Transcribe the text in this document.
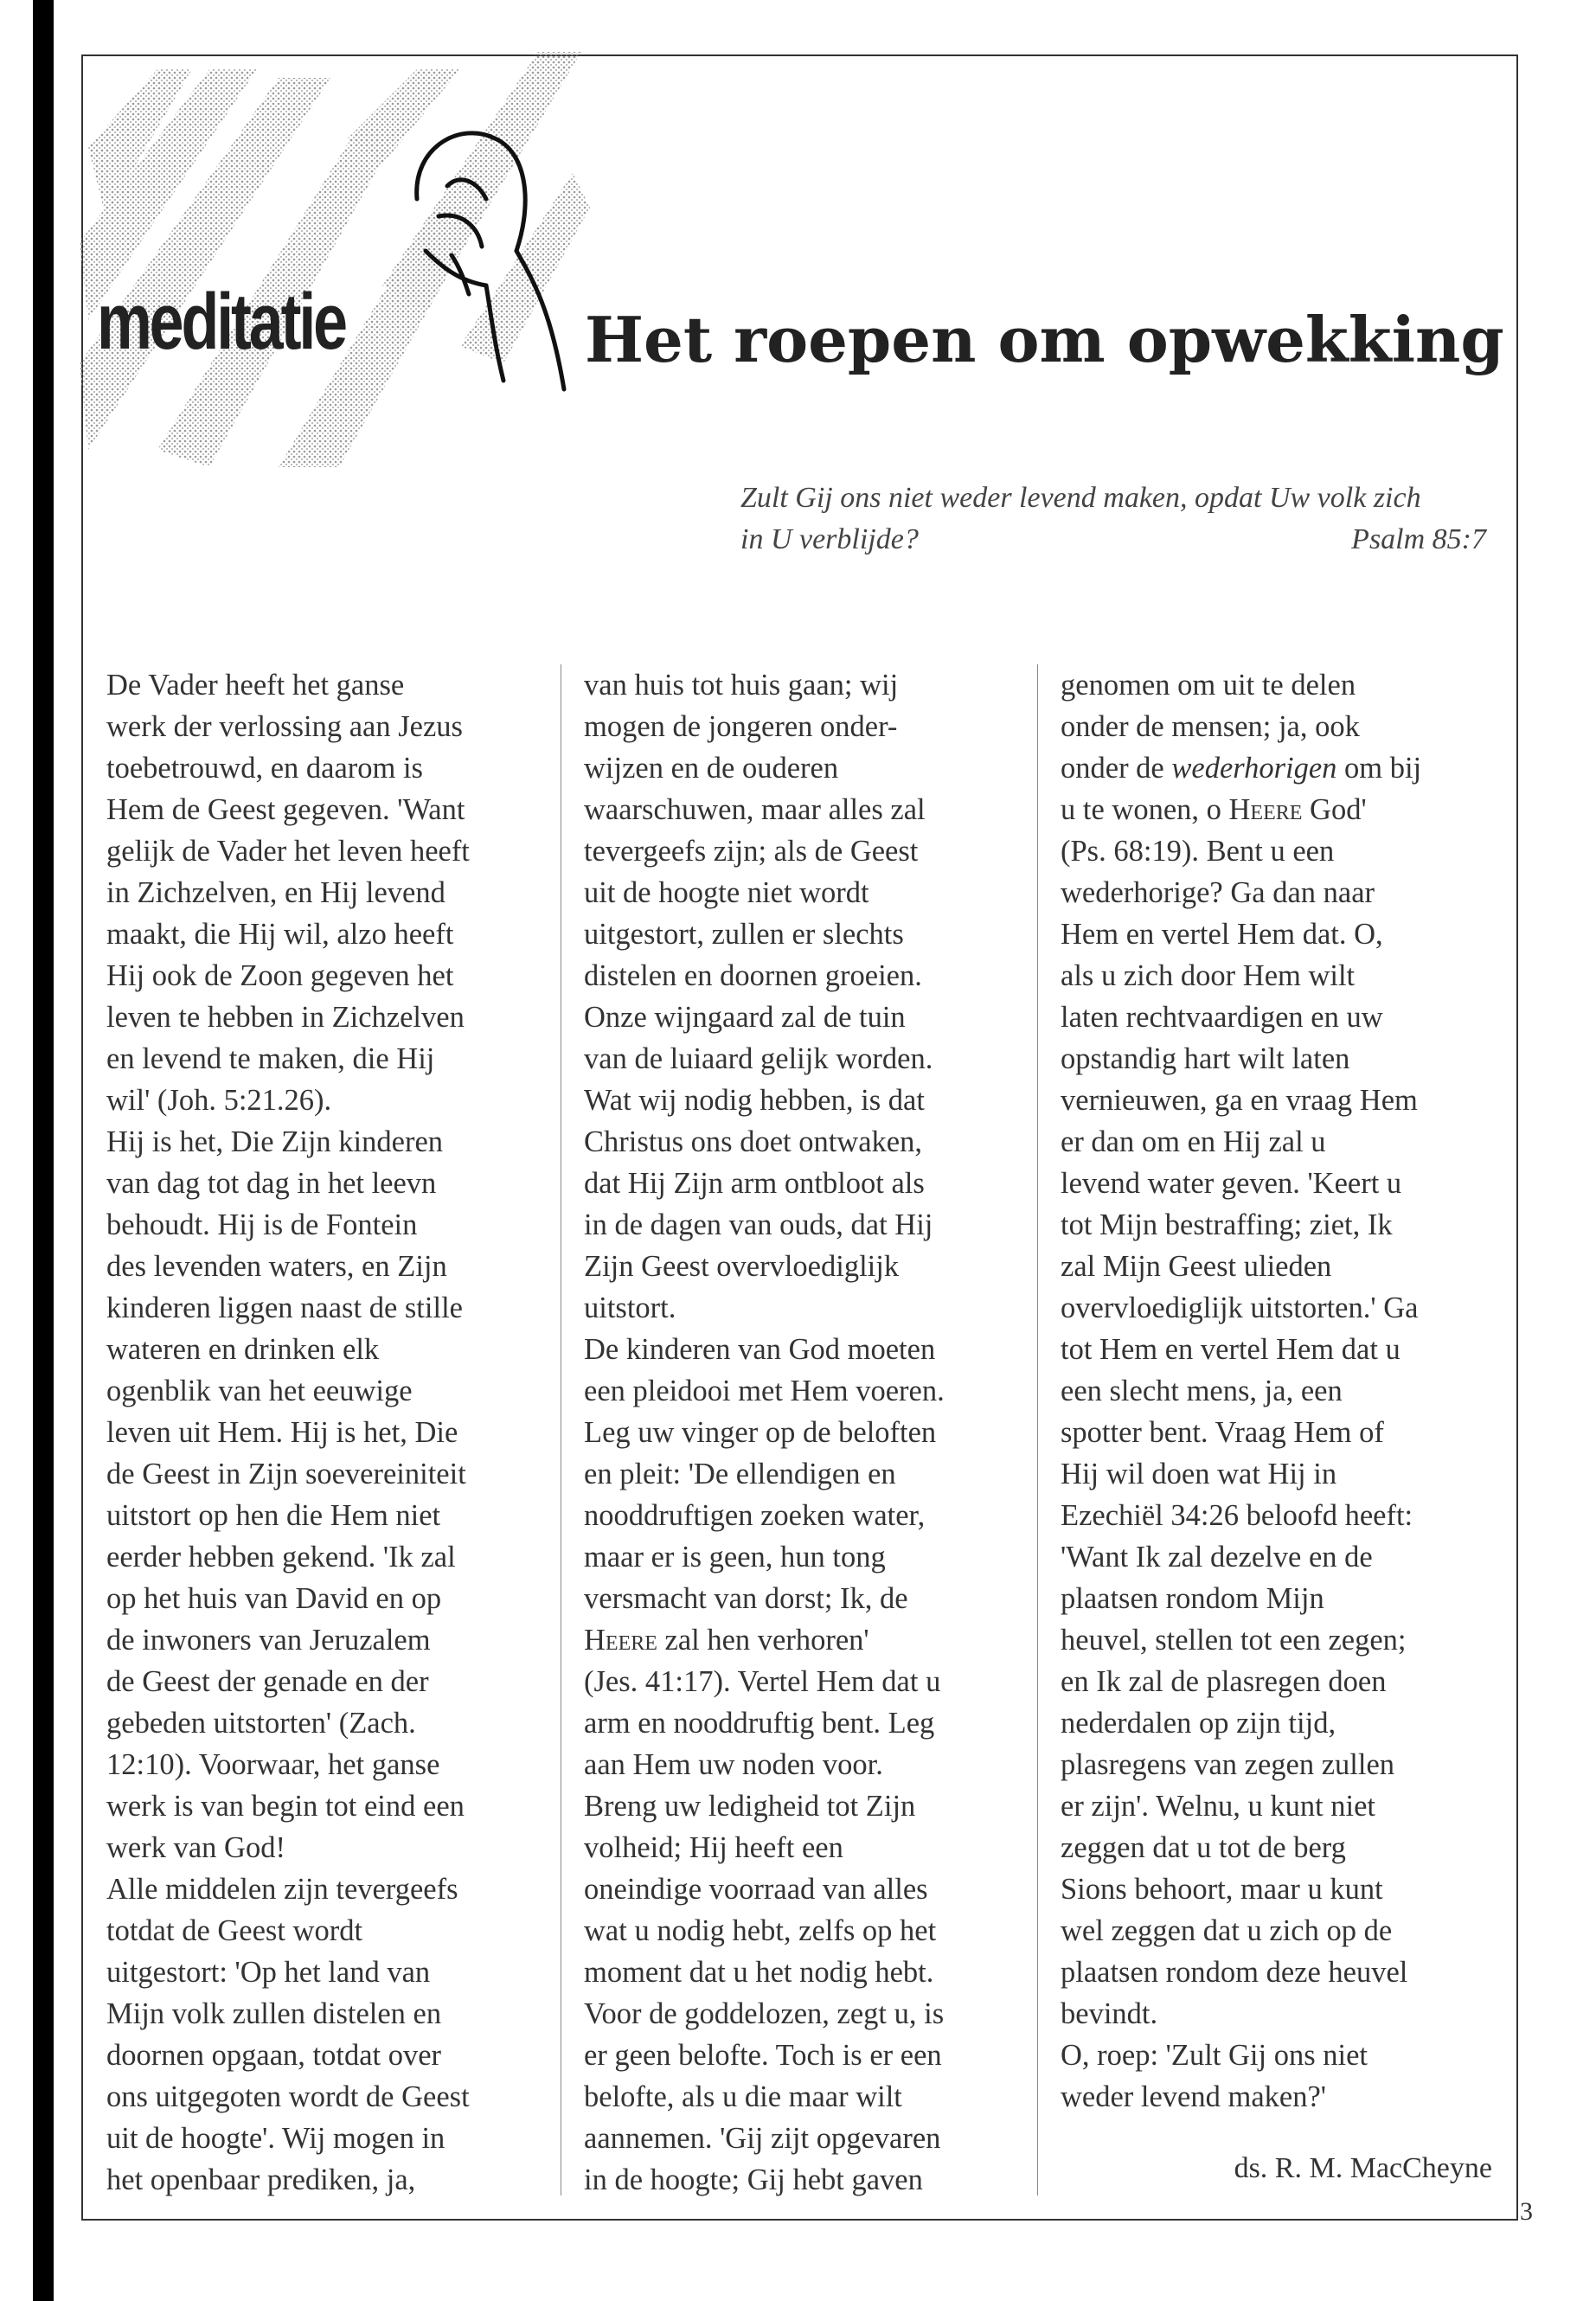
meditatie	Het roepen om opwekking
Zult Gij ons niet weder levend maken, opdat Uw volk zich
in U verblijde?	Psalm 85:7
De Vader heeft het ganse
werk der verlossing aan Jezus
toebetrouwd, en daarom is
Hem de Geest gegeven. 'Want
gelijk de Vader het leven heeft
in Zichzelven, en Hij levend
maakt, die Hij wil, alzo heeft
Hij ook de Zoon gegeven het
leven te hebben in Zichzelven
en levend te maken, die Hij
wil' (Joh. 5:21.26).
Hij is het, Die Zijn kinderen
van dag tot dag in het leevn
behoudt. Hij is de Fontein
des levenden waters, en Zijn
kinderen liggen naast de stille
wateren en drinken elk
ogenblik van het eeuwige
leven uit Hem. Hij is het, Die
de Geest in Zijn soevereiniteit
uitstort op hen die Hem niet
eerder hebben gekend. 'Ik zal
op het huis van David en op
de inwoners van Jeruzalem
de Geest der genade en der
gebeden uitstorten' (Zach.
12:10). Voorwaar, het ganse
werk is van begin tot eind een
werk van God!
Alle middelen zijn tevergeefs
totdat de Geest wordt
uitgestort: 'Op het land van
Mijn volk zullen distelen en
doornen opgaan, totdat over
ons uitgegoten wordt de Geest
uit de hoogte'. Wij mogen in
het openbaar prediken, ja,
van huis tot huis gaan; wij
mogen de jongeren onder-
wijzen en de ouderen
waarschuwen, maar alles zal
tevergeefs zijn; als de Geest
uit de hoogte niet wordt
uitgestort, zullen er slechts
distelen en doornen groeien.
Onze wijngaard zal de tuin
van de luiaard gelijk worden.
Wat wij nodig hebben, is dat
Christus ons doet ontwaken,
dat Hij Zijn arm ontbloot als
in de dagen van ouds, dat Hij
Zijn Geest overvloediglijk
uitstort.
De kinderen van God moeten
een pleidooi met Hem voeren.
Leg uw vinger op de beloften
en pleit: 'De ellendigen en
nooddruftigen zoeken water,
maar er is geen, hun tong
versmacht van dorst; Ik, de
Heere zal hen verhoren'
(Jes. 41:17). Vertel Hem dat u
arm en nooddruftig bent. Leg
aan Hem uw noden voor.
Breng uw ledigheid tot Zijn
volheid; Hij heeft een
oneindige voorraad van alles
wat u nodig hebt, zelfs op het
moment dat u het nodig hebt.
Voor de goddelozen, zegt u, is
er geen belofte. Toch is er een
belofte, als u die maar wilt
aannemen. 'Gij zijt opgevaren
in de hoogte; Gij hebt gaven
genomen om uit te delen
onder de mensen; ja, ook
onder de wederhorigen om bij
u te wonen, o Heere God'
(Ps. 68:19). Bent u een
wederhorige? Ga dan naar
Hem en vertel Hem dat. O,
als u zich door Hem wilt
laten rechtvaardigen en uw
opstandig hart wilt laten
vernieuwen, ga en vraag Hem
er dan om en Hij zal u
levend water geven. 'Keert u
tot Mijn bestraffing; ziet, Ik
zal Mijn Geest ulieden
overvloediglijk uitstorten.' Ga
tot Hem en vertel Hem dat u
een slecht mens, ja, een
spotter bent. Vraag Hem of
Hij wil doen wat Hij in
Ezechiël 34:26 beloofd heeft:
'Want Ik zal dezelve en de
plaatsen rondom Mijn
heuvel, stellen tot een zegen;
en Ik zal de plasregen doen
nederdalen op zijn tijd,
plasregens van zegen zullen
er zijn'. Welnu, u kunt niet
zeggen dat u tot de berg
Sions behoort, maar u kunt
wel zeggen dat u zich op de
plaatsen rondom deze heuvel
bevindt.
O, roep: 'Zult Gij ons niet
weder levend maken?'
ds. R. M. MacCheyne
3
